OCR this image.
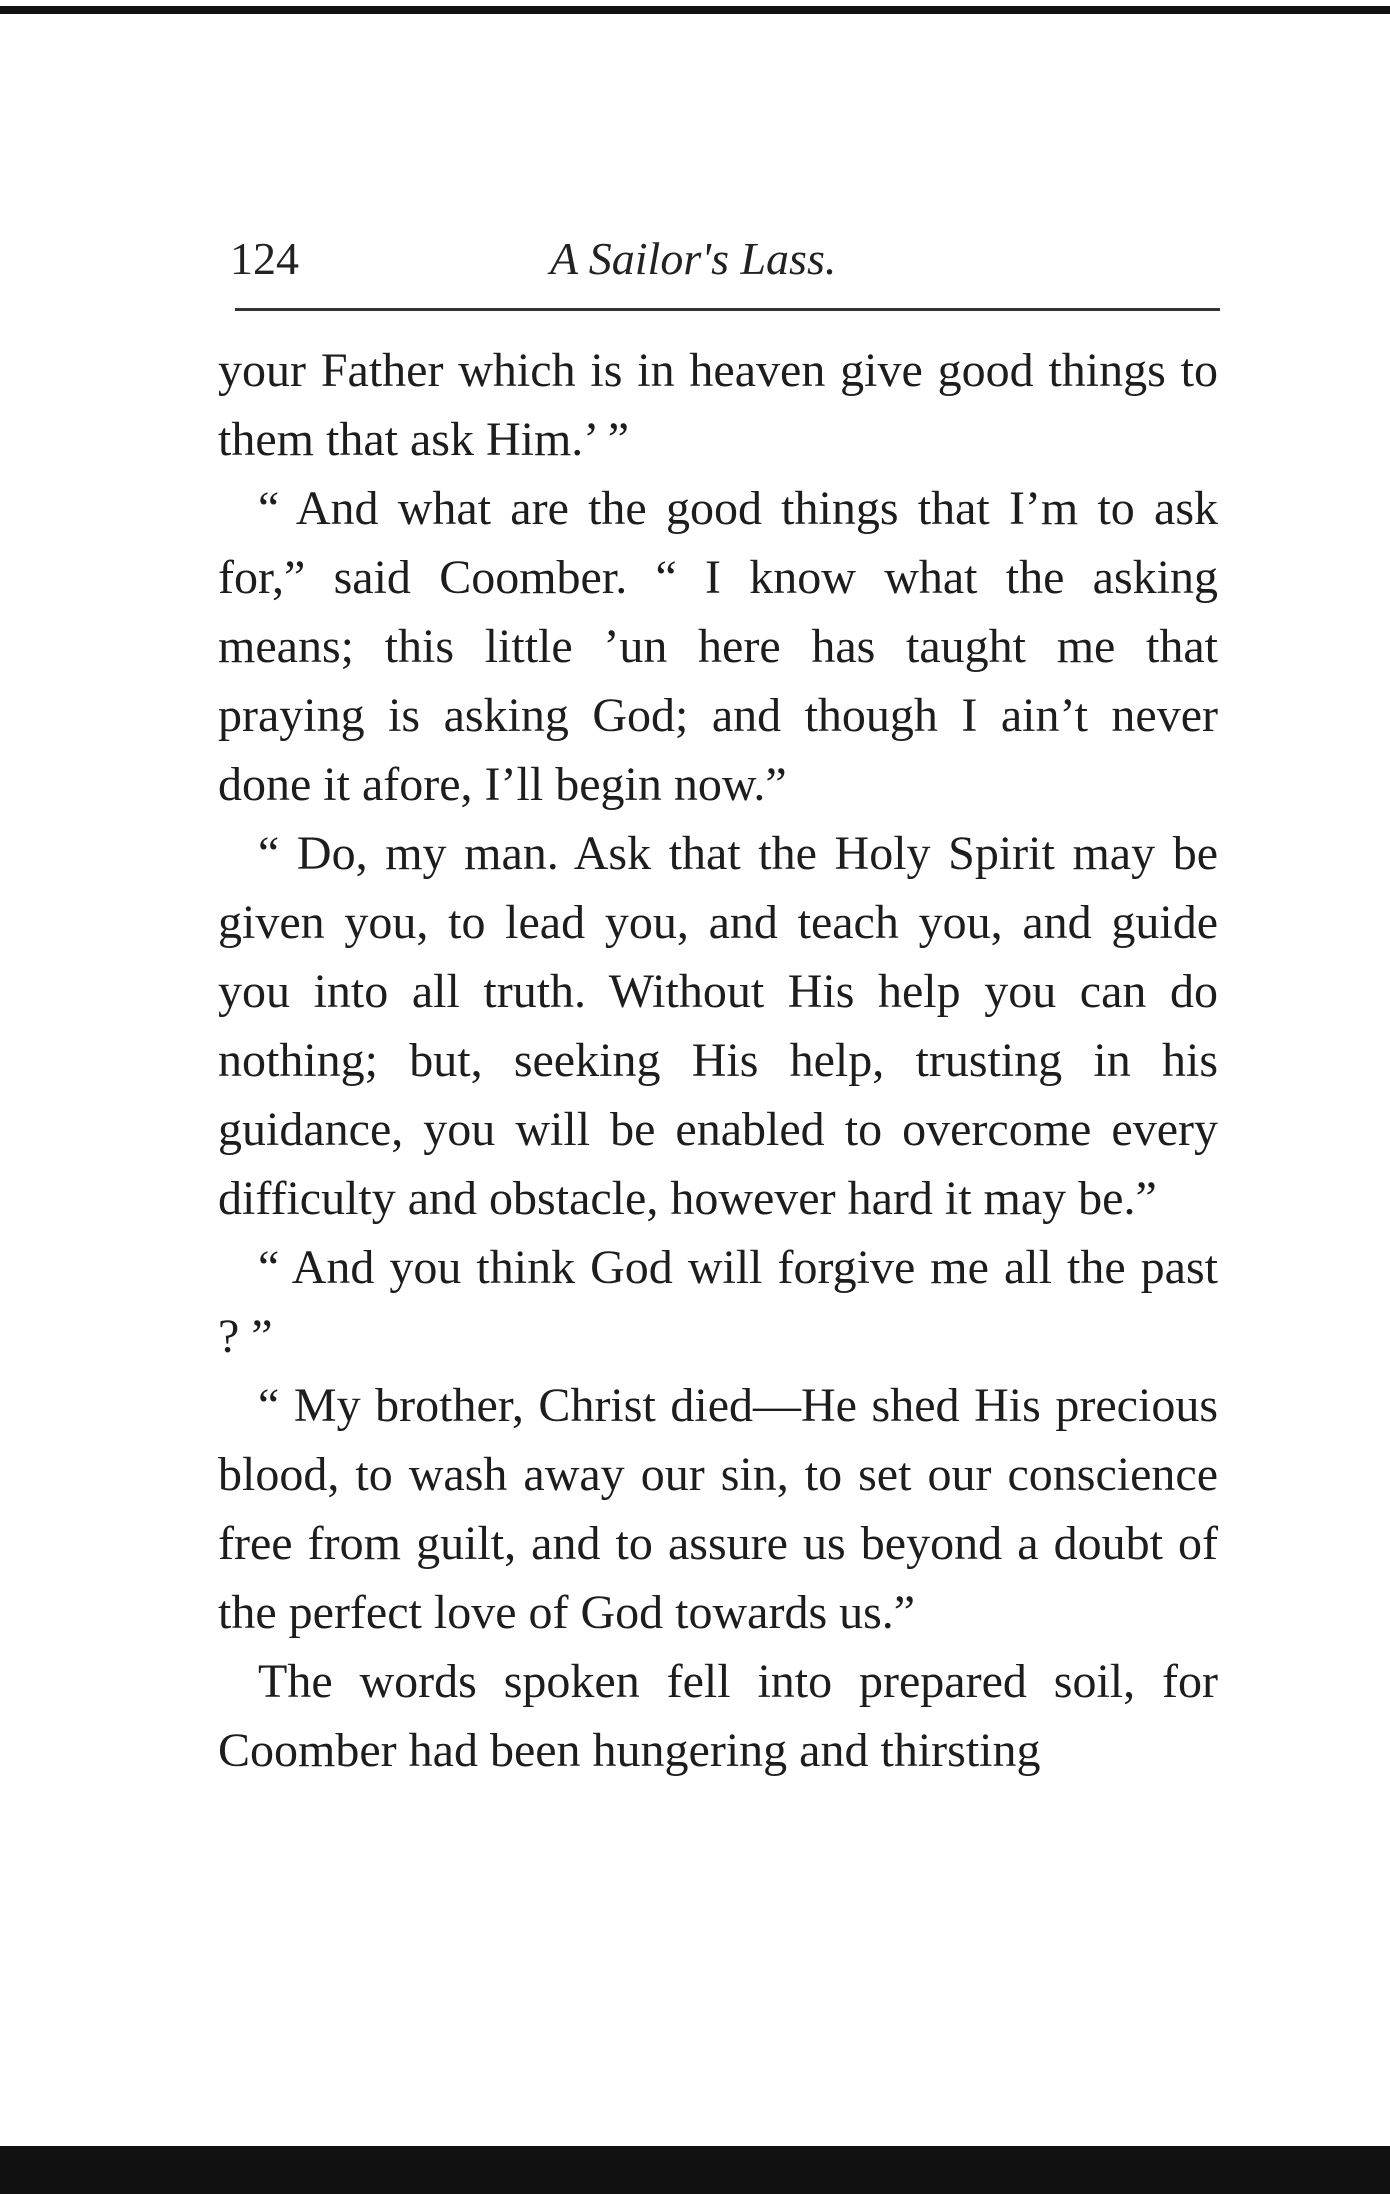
124	A Sailor's Lass.

your Father which is in heaven give good things to them that ask Him.’ ”

“ And what are the good things that I’m to ask for,” said Coomber. “ I know what the asking means; this little ’un here has taught me that praying is asking God; and though I ain’t never done it afore, I’ll begin now.”

“ Do, my man. Ask that the Holy Spirit may be given you, to lead you, and teach you, and guide you into all truth. Without His help you can do nothing; but, seeking His help, trusting in his guidance, you will be enabled to overcome every difficulty and obstacle, however hard it may be.”

“ And you think God will forgive me all the past ? ”

“ My brother, Christ died—He shed His precious blood, to wash away our sin, to set our conscience free from guilt, and to assure us beyond a doubt of the perfect love of God towards us.”

The words spoken fell into prepared soil, for Coomber had been hungering and thirsting
